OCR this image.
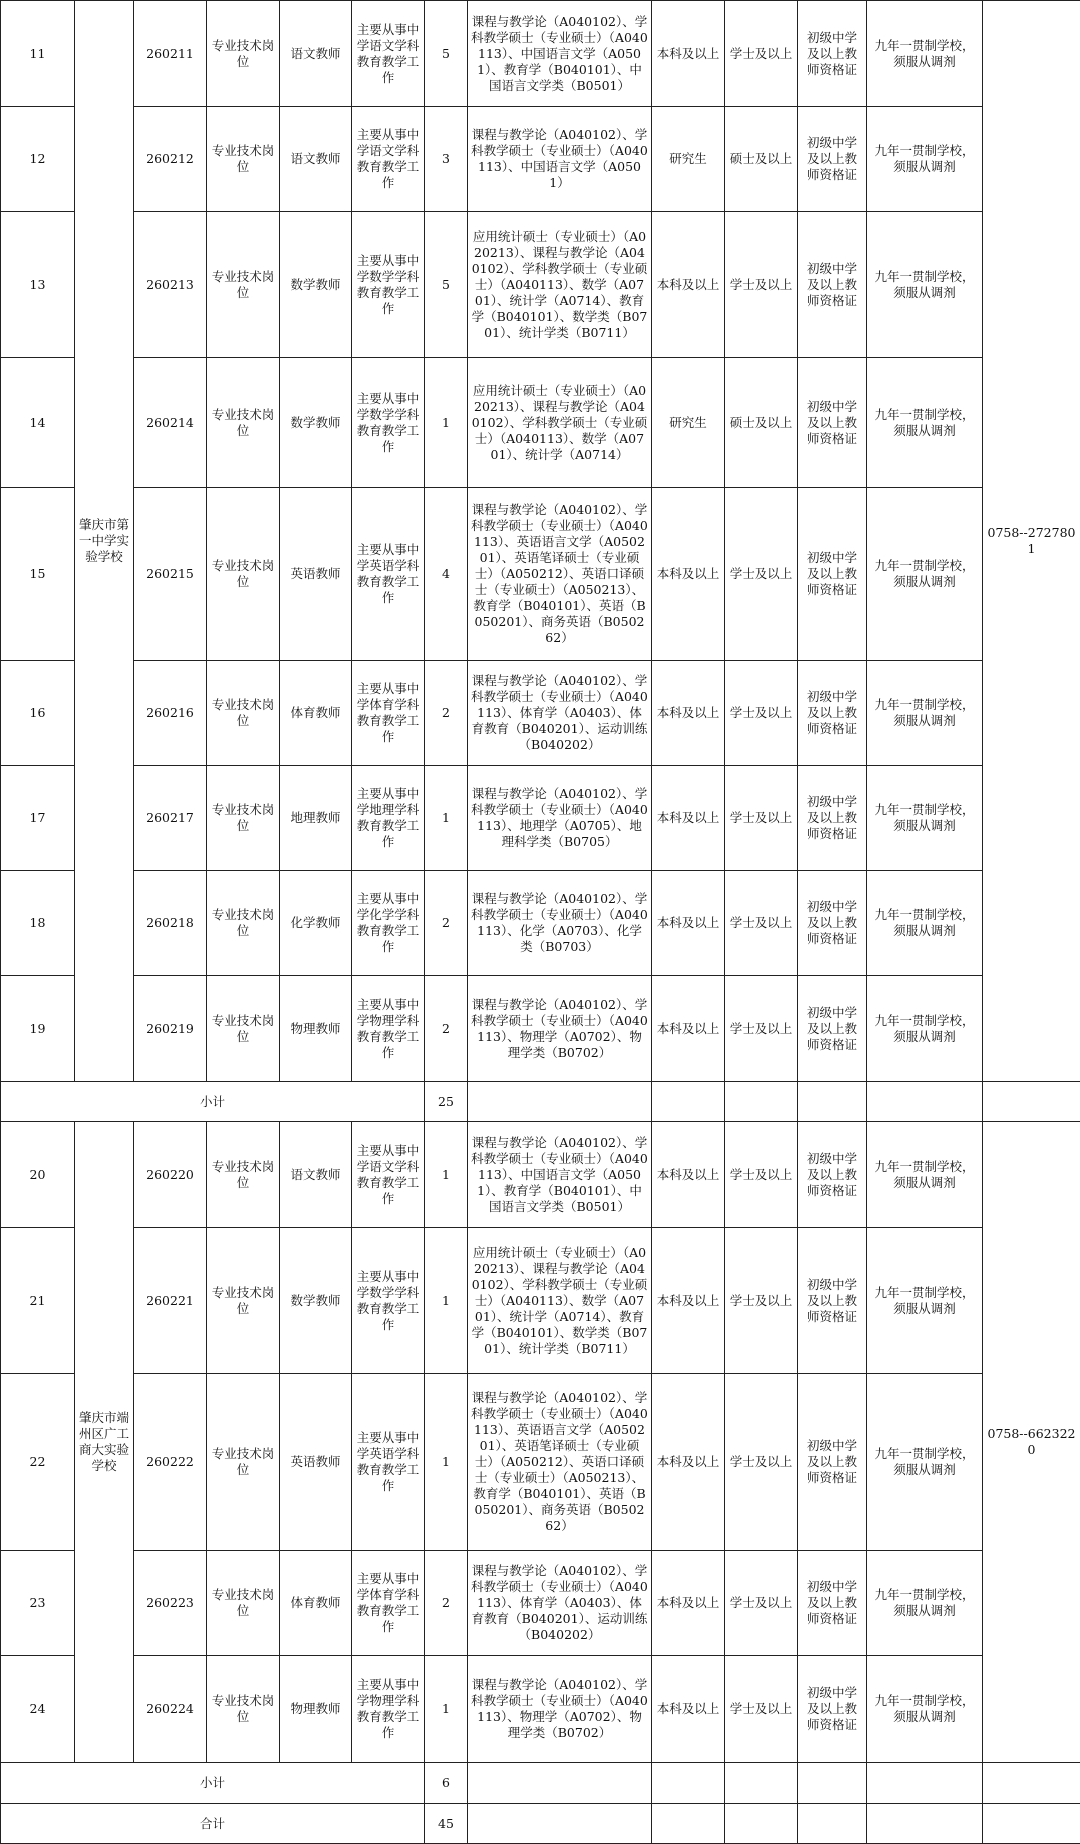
11	肇庆市第一中学实验学校	260211	专业技术岗位	语文教师	主要从事中学语文学科教育教学工作	5	课程与教学论（A040102）、学科教学硕士（专业硕士）（A040113）、中国语言文学（A0501）、教育学（B040101）、中国语言文学类（B0501）	本科及以上	学士及以上	初级中学及以上教师资格证	九年一贯制学校，须服从调剂	0758--2727801
12		260212	专业技术岗位	语文教师	主要从事中学语文学科教育教学工作	3	课程与教学论（A040102）、学科教学硕士（专业硕士）（A040113）、中国语言文学（A0501）	研究生	硕士及以上	初级中学及以上教师资格证	九年一贯制学校，须服从调剂	
13		260213	专业技术岗位	数学教师	主要从事中学数学学科教育教学工作	5	应用统计硕士（专业硕士）（A020213）、课程与教学论（A040102）、学科教学硕士（专业硕士）（A040113）、数学（A0701）、统计学（A0714）、教育学（B040101）、数学类（B0701）、统计学类（B0711）	本科及以上	学士及以上	初级中学及以上教师资格证	九年一贯制学校，须服从调剂	
14		260214	专业技术岗位	数学教师	主要从事中学数学学科教育教学工作	1	应用统计硕士（专业硕士）（A020213）、课程与教学论（A040102）、学科教学硕士（专业硕士）（A040113）、数学（A0701）、统计学（A0714）	研究生	硕士及以上	初级中学及以上教师资格证	九年一贯制学校，须服从调剂	
15		260215	专业技术岗位	英语教师	主要从事中学英语学科教育教学工作	4	课程与教学论（A040102）、学科教学硕士（专业硕士）（A040113）、英语语言文学（A050201）、英语笔译硕士（专业硕士）（A050212）、英语口译硕士（专业硕士）（A050213）、教育学（B040101）、英语（B050201）、商务英语（B050262）	本科及以上	学士及以上	初级中学及以上教师资格证	九年一贯制学校，须服从调剂	
16		260216	专业技术岗位	体育教师	主要从事中学体育学科教育教学工作	2	课程与教学论（A040102）、学科教学硕士（专业硕士）（A040113）、体育学（A0403）、体育教育（B040201）、运动训练（B040202）	本科及以上	学士及以上	初级中学及以上教师资格证	九年一贯制学校，须服从调剂	
17		260217	专业技术岗位	地理教师	主要从事中学地理学科教育教学工作	1	课程与教学论（A040102）、学科教学硕士（专业硕士）（A040113）、地理学（A0705）、地理科学类（B0705）	本科及以上	学士及以上	初级中学及以上教师资格证	九年一贯制学校，须服从调剂	
18		260218	专业技术岗位	化学教师	主要从事中学化学学科教育教学工作	2	课程与教学论（A040102）、学科教学硕士（专业硕士）（A040113）、化学（A0703）、化学类（B0703）	本科及以上	学士及以上	初级中学及以上教师资格证	九年一贯制学校，须服从调剂	
19		260219	专业技术岗位	物理教师	主要从事中学物理学科教育教学工作	2	课程与教学论（A040102）、学科教学硕士（专业硕士）（A040113）、物理学（A0702）、物理学类（B0702）	本科及以上	学士及以上	初级中学及以上教师资格证	九年一贯制学校，须服从调剂	
小计						25						
20	肇庆市端州区广工商大实验学校	260220	专业技术岗位	语文教师	主要从事中学语文学科教育教学工作	1	课程与教学论（A040102）、学科教学硕士（专业硕士）（A040113）、中国语言文学（A0501）、教育学（B040101）、中国语言文学类（B0501）	本科及以上	学士及以上	初级中学及以上教师资格证	九年一贯制学校，须服从调剂	0758--6623220
21		260221	专业技术岗位	数学教师	主要从事中学数学学科教育教学工作	1	应用统计硕士（专业硕士）（A020213）、课程与教学论（A040102）、学科教学硕士（专业硕士）（A040113）、数学（A0701）、统计学（A0714）、教育学（B040101）、数学类（B0701）、统计学类（B0711）	本科及以上	学士及以上	初级中学及以上教师资格证	九年一贯制学校，须服从调剂	
22		260222	专业技术岗位	英语教师	主要从事中学英语学科教育教学工作	1	课程与教学论（A040102）、学科教学硕士（专业硕士）（A040113）、英语语言文学（A050201）、英语笔译硕士（专业硕士）（A050212）、英语口译硕士（专业硕士）（A050213）、教育学（B040101）、英语（B050201）、商务英语（B050262）	本科及以上	学士及以上	初级中学及以上教师资格证	九年一贯制学校，须服从调剂	
23		260223	专业技术岗位	体育教师	主要从事中学体育学科教育教学工作	2	课程与教学论（A040102）、学科教学硕士（专业硕士）（A040113）、体育学（A0403）、体育教育（B040201）、运动训练（B040202）	本科及以上	学士及以上	初级中学及以上教师资格证	九年一贯制学校，须服从调剂	
24		260224	专业技术岗位	物理教师	主要从事中学物理学科教育教学工作	1	课程与教学论（A040102）、学科教学硕士（专业硕士）（A040113）、物理学（A0702）、物理学类（B0702）	本科及以上	学士及以上	初级中学及以上教师资格证	九年一贯制学校，须服从调剂	
小计						6						
合计						45						
